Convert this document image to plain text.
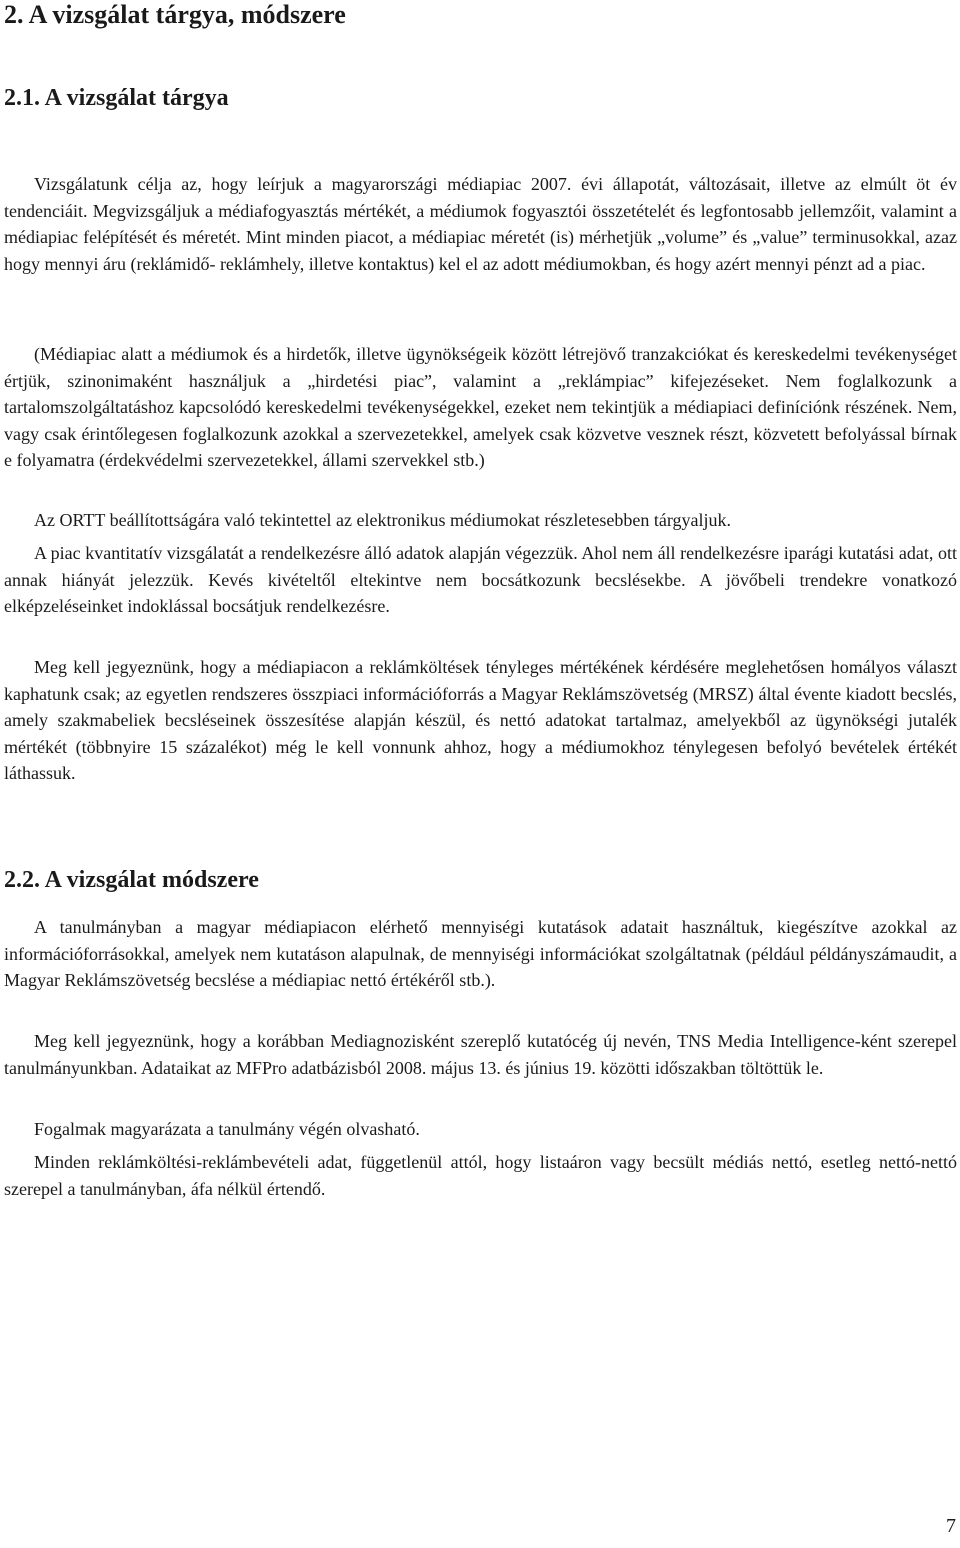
2. A vizsgálat tárgya, módszere
2.1. A vizsgálat tárgya

Vizsgálatunk célja az, hogy leírjuk a magyarországi médiapiac 2007. évi állapotát, változásait, illetve az elmúlt öt év tendenciáit. Megvizsgáljuk a médiafogyasztás mértékét, a médiumok fogyasztói összetételét és legfontosabb jellemzőit, valamint a médiapiac felépítését és méretét. Mint minden piacot, a médiapiac méretét (is) mérhetjük „volume” és „value” terminusokkal, azaz hogy mennyi áru (reklámidő- reklámhely, illetve kontaktus) kel el az adott médiumokban, és hogy azért mennyi pénzt ad a piac.

(Médiapiac alatt a médiumok és a hirdetők, illetve ügynökségeik között létrejövő tranzakciókat és kereskedelmi tevékenységet értjük, szinonimaként használjuk a „hirdetési piac”, valamint a „reklámpiac” kifejezéseket. Nem foglalkozunk a tartalomszolgáltatáshoz kapcsolódó kereskedelmi tevékenységekkel, ezeket nem tekintjük a médiapiaci definíciónk részének. Nem, vagy csak érintőlegesen foglalkozunk azokkal a szervezetekkel, amelyek csak közvetve vesznek részt, közvetett befolyással bírnak e folyamatra (érdekvédelmi szervezetekkel, állami szervekkel stb.)

Az ORTT beállítottságára való tekintettel az elektronikus médiumokat részletesebben tárgyaljuk.

A piac kvantitatív vizsgálatát a rendelkezésre álló adatok alapján végezzük. Ahol nem áll rendelkezésre iparági kutatási adat, ott annak hiányát jelezzük. Kevés kivételtől eltekintve nem bocsátkozunk becslésekbe. A jövőbeli trendekre vonatkozó elképzeléseinket indoklással bocsátjuk rendelkezésre.

Meg kell jegyeznünk, hogy a médiapiacon a reklámköltések tényleges mértékének kérdésére meglehetősen homályos választ kaphatunk csak; az egyetlen rendszeres összpiaci információforrás a Magyar Reklámszövetség (MRSZ) által évente kiadott becslés, amely szakmabeliek becsléseinek összesítése alapján készül, és nettó adatokat tartalmaz, amelyekből az ügynökségi jutalék mértékét (többnyire 15 százalékot) még le kell vonnunk ahhoz, hogy a médiumokhoz ténylegesen befolyó bevételek értékét láthassuk.

2.2. A vizsgálat módszere

A tanulmányban a magyar médiapiacon elérhető mennyiségi kutatások adatait használtuk, kiegészítve azokkal az információforrásokkal, amelyek nem kutatáson alapulnak, de mennyiségi információkat szolgáltatnak (például példányszámaudit, a Magyar Reklámszövetség becslése a médiapiac nettó értékéről stb.).

Meg kell jegyeznünk, hogy a korábban Mediagnozisként szereplő kutatócég új nevén, TNS Media Intelligence-ként szerepel tanulmányunkban. Adataikat az MFPro adatbázisból 2008. május 13. és június 19. közötti időszakban töltöttük le.

Fogalmak magyarázata a tanulmány végén olvasható.

Minden reklámköltési-reklámbevételi adat, függetlenül attól, hogy listaáron vagy becsült médiás nettó, esetleg nettó-nettó szerepel a tanulmányban, áfa nélkül értendő.

7
